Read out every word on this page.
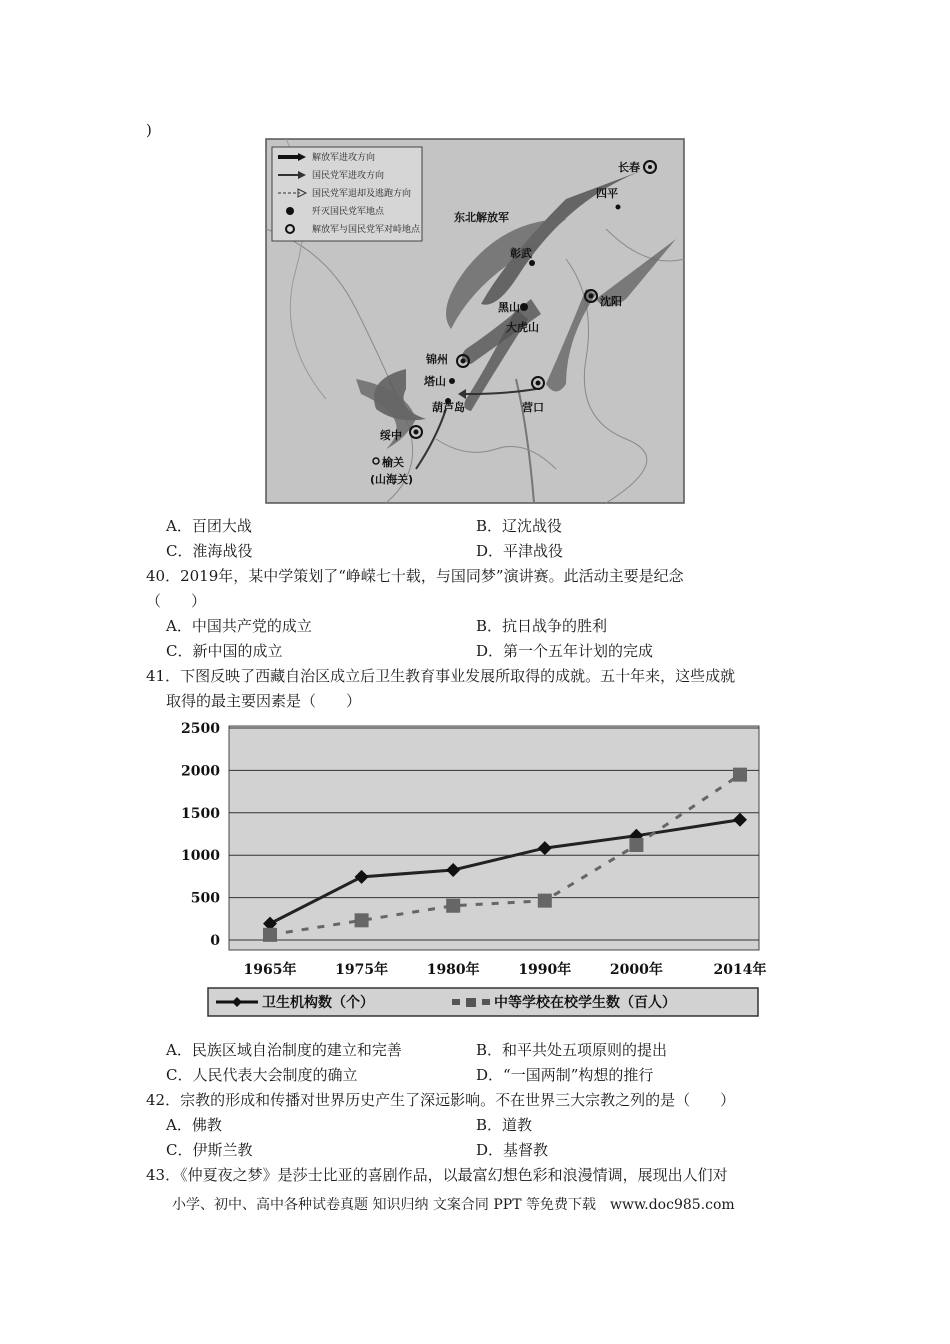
)
解放军进攻方向
国民党军进攻方向
国民党军退却及逃跑方向
歼灭国民党军地点
解放军与国民党军对峙地点
长春
四平
东北解放军
彰武
沈阳
黑山
大虎山
锦州
塔山
营口
葫芦岛
绥中
榆关
(山海关)
A．百团大战	B．辽沈战役
C．淮海战役	D．平津战役
40．2019年，某中学策划了“峥嵘七十载，与国同梦”演讲赛。此活动主要是纪念
（　　）
A．中国共产党的成立	B．抗日战争的胜利
C．新中国的成立	D．第一个五年计划的完成
41．下图反映了西藏自治区成立后卫生教育事业发展所取得的成就。五十年来，这些成就
取得的最主要因素是（　　）
2500
2000
1500
1000
500
0
1965年	1975年	1980年	1990年	2000年	2014年
卫生机构数（个）	中等学校在校学生数（百人）
A．民族区域自治制度的建立和完善	B．和平共处五项原则的提出
C．人民代表大会制度的确立	D．“一国两制”构想的推行
42．宗教的形成和传播对世界历史产生了深远影响。不在世界三大宗教之列的是（　　）
A．佛教	B．道教
C．伊斯兰教	D．基督教
43．《仲夏夜之梦》是莎士比亚的喜剧作品，以最富幻想色彩和浪漫情调，展现出人们对
小学、初中、高中各种试卷真题 知识归纳 文案合同 PPT 等免费下载　www.doc985.com
